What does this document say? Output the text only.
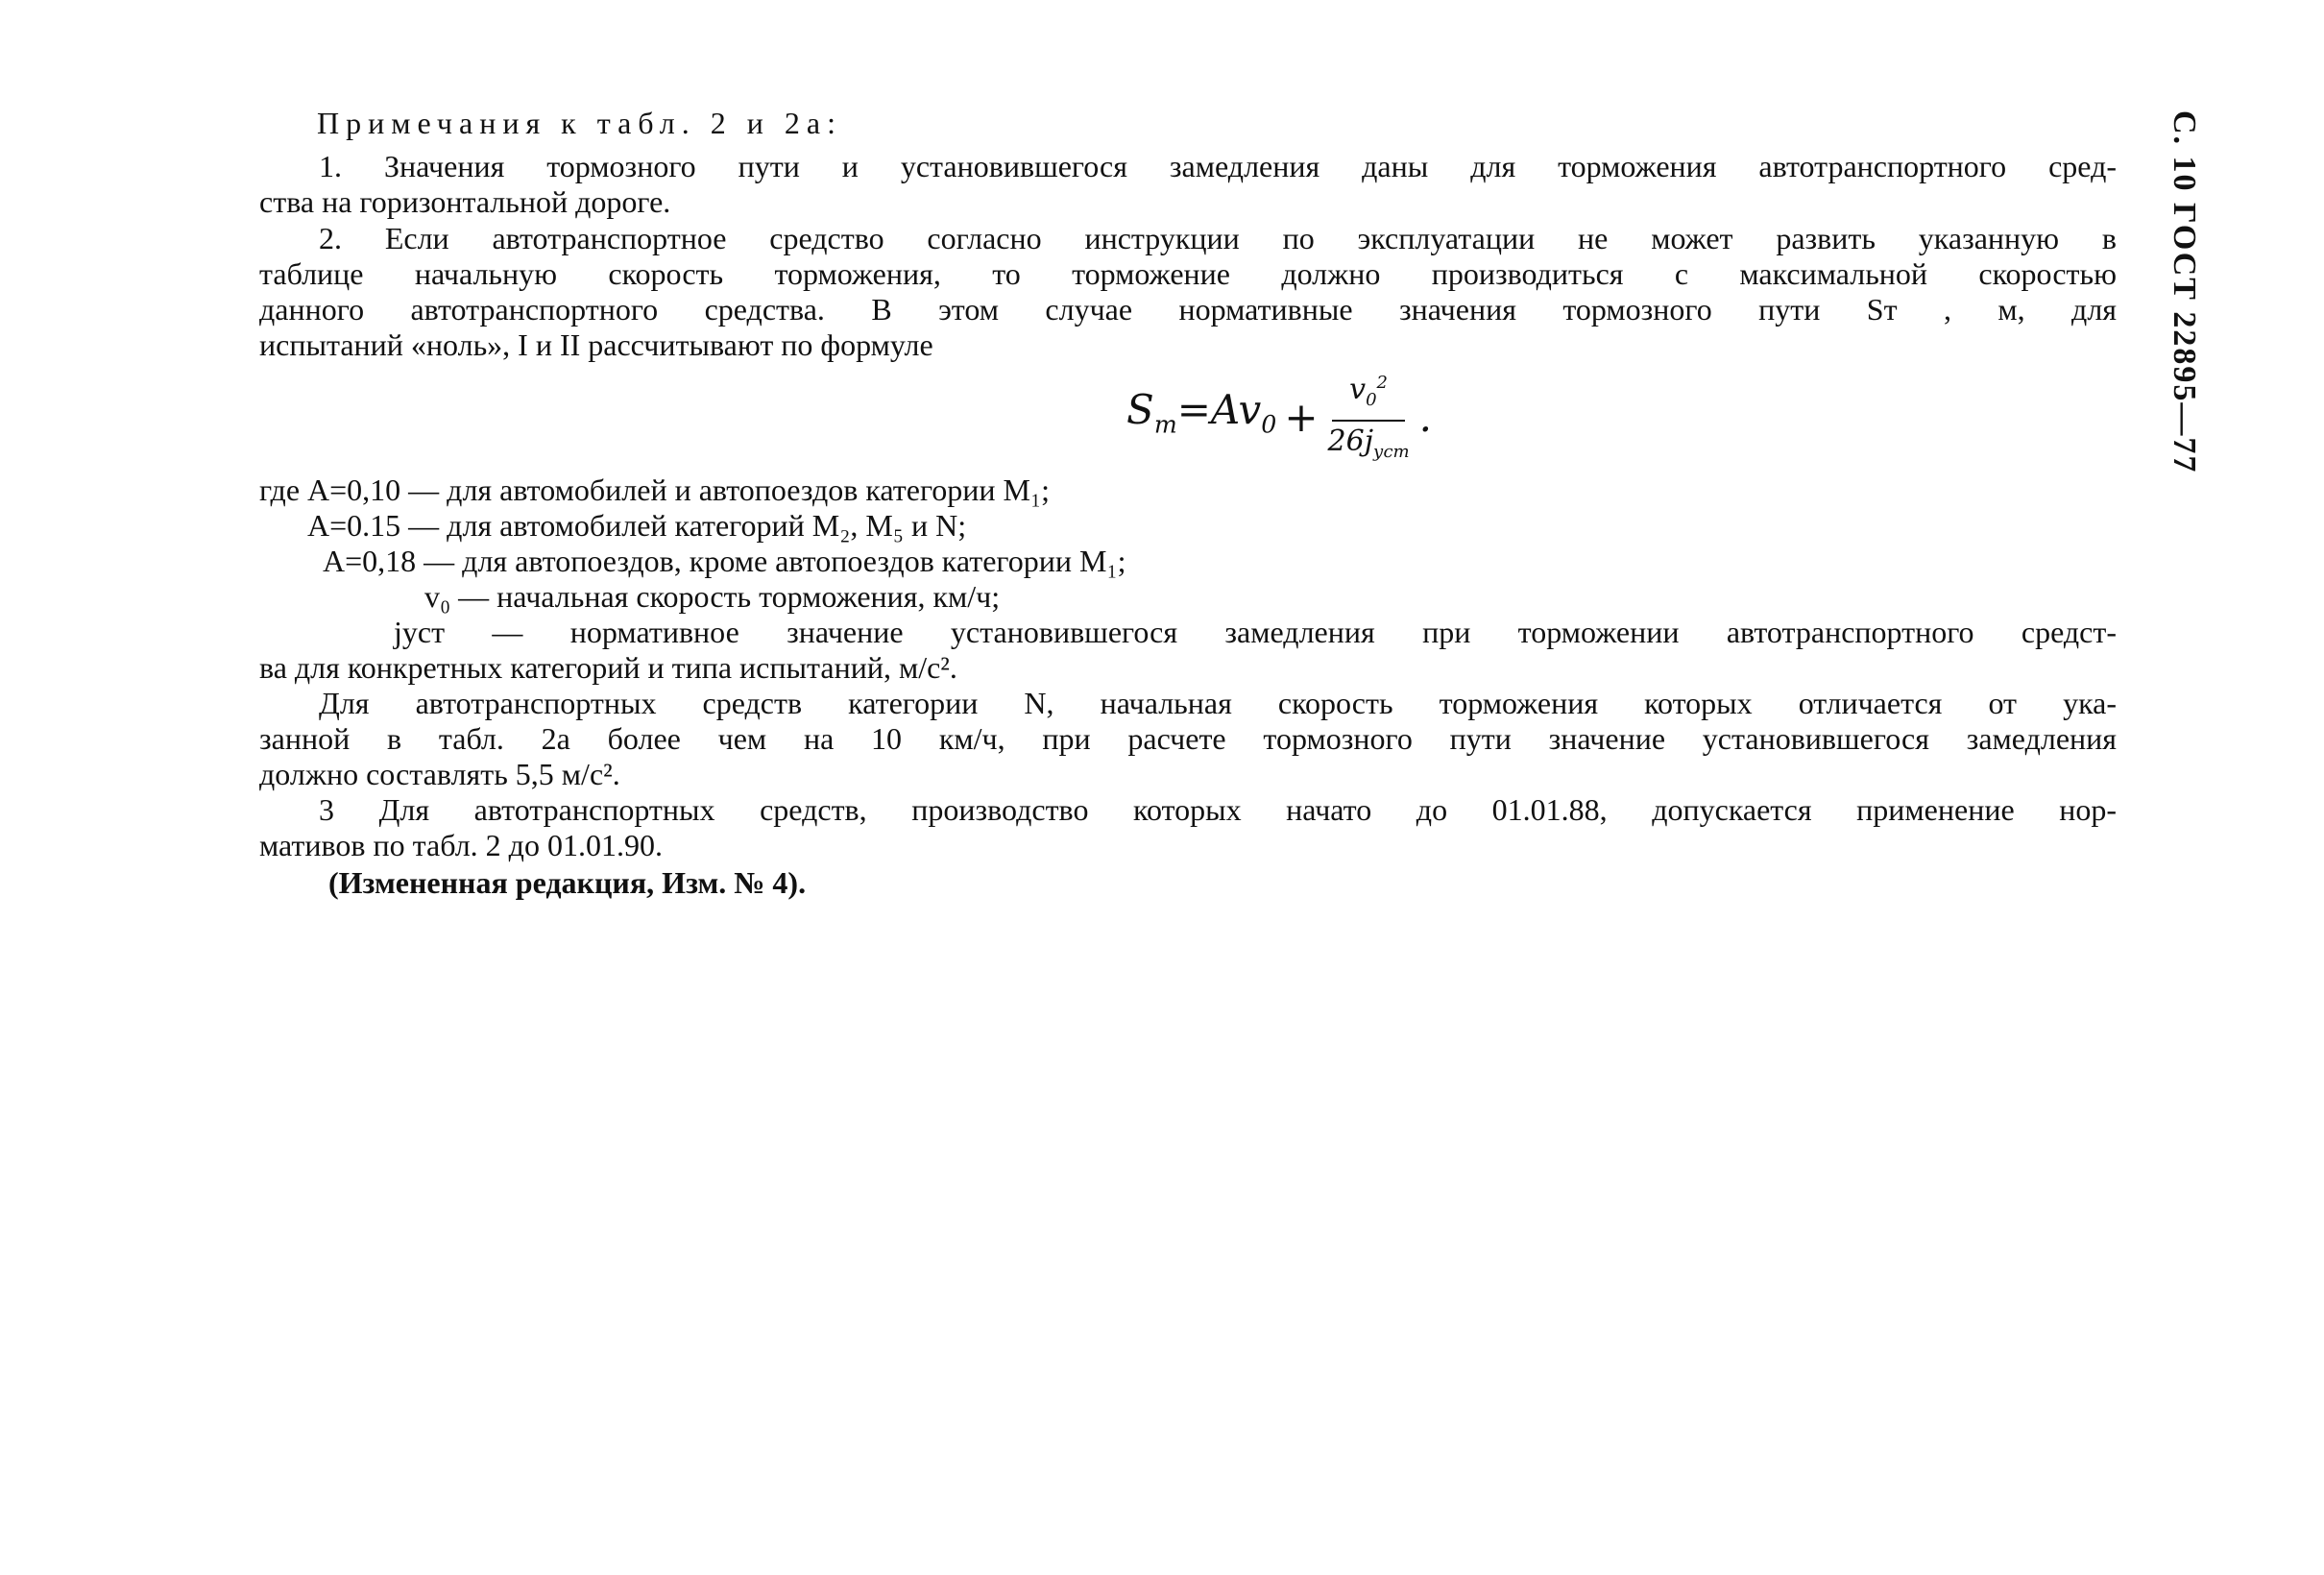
С. 10 ГОСТ 22895—77
Примечания к табл. 2 и 2а:
1. Значения тормозного пути и установившегося замедления даны для торможения автотранспортного сред-
ства на горизонтальной дороге.
2. Если автотранспортное средство согласно инструкции по эксплуатации не может развить указанную в
таблице начальную скорость торможения, то торможение должно производиться с максимальной скоростью
данного автотранспортного средства. В этом случае нормативные значения тормозного пути Sт , м, для
испытаний «ноль», I и II рассчитывают по формуле
$S_т =Av_0 + \frac{v_0^2}{26j_{уст}}$ .
где A=0,10 — для автомобилей и автопоездов категории M₁;
A=0.15 — для автомобилей категорий M₂, M₅ и N;
A=0,18 — для автопоездов, кроме автопоездов категории M₁;
v₀ — начальная скорость торможения, км/ч;
jуст — нормативное значение установившегося замедления при торможении автотранспортного средст-
ва для конкретных категорий и типа испытаний, м/с².
Для автотранспортных средств категории N, начальная скорость торможения которых отличается от ука-
занной в табл. 2а более чем на 10 км/ч, при расчете тормозного пути значение установившегося замедления
должно составлять 5,5 м/с².
3 Для автотранспортных средств, производство которых начато до 01.01.88, допускается применение нор-
мативов по табл. 2 до 01.01.90.
(Измененная редакция, Изм. № 4).
